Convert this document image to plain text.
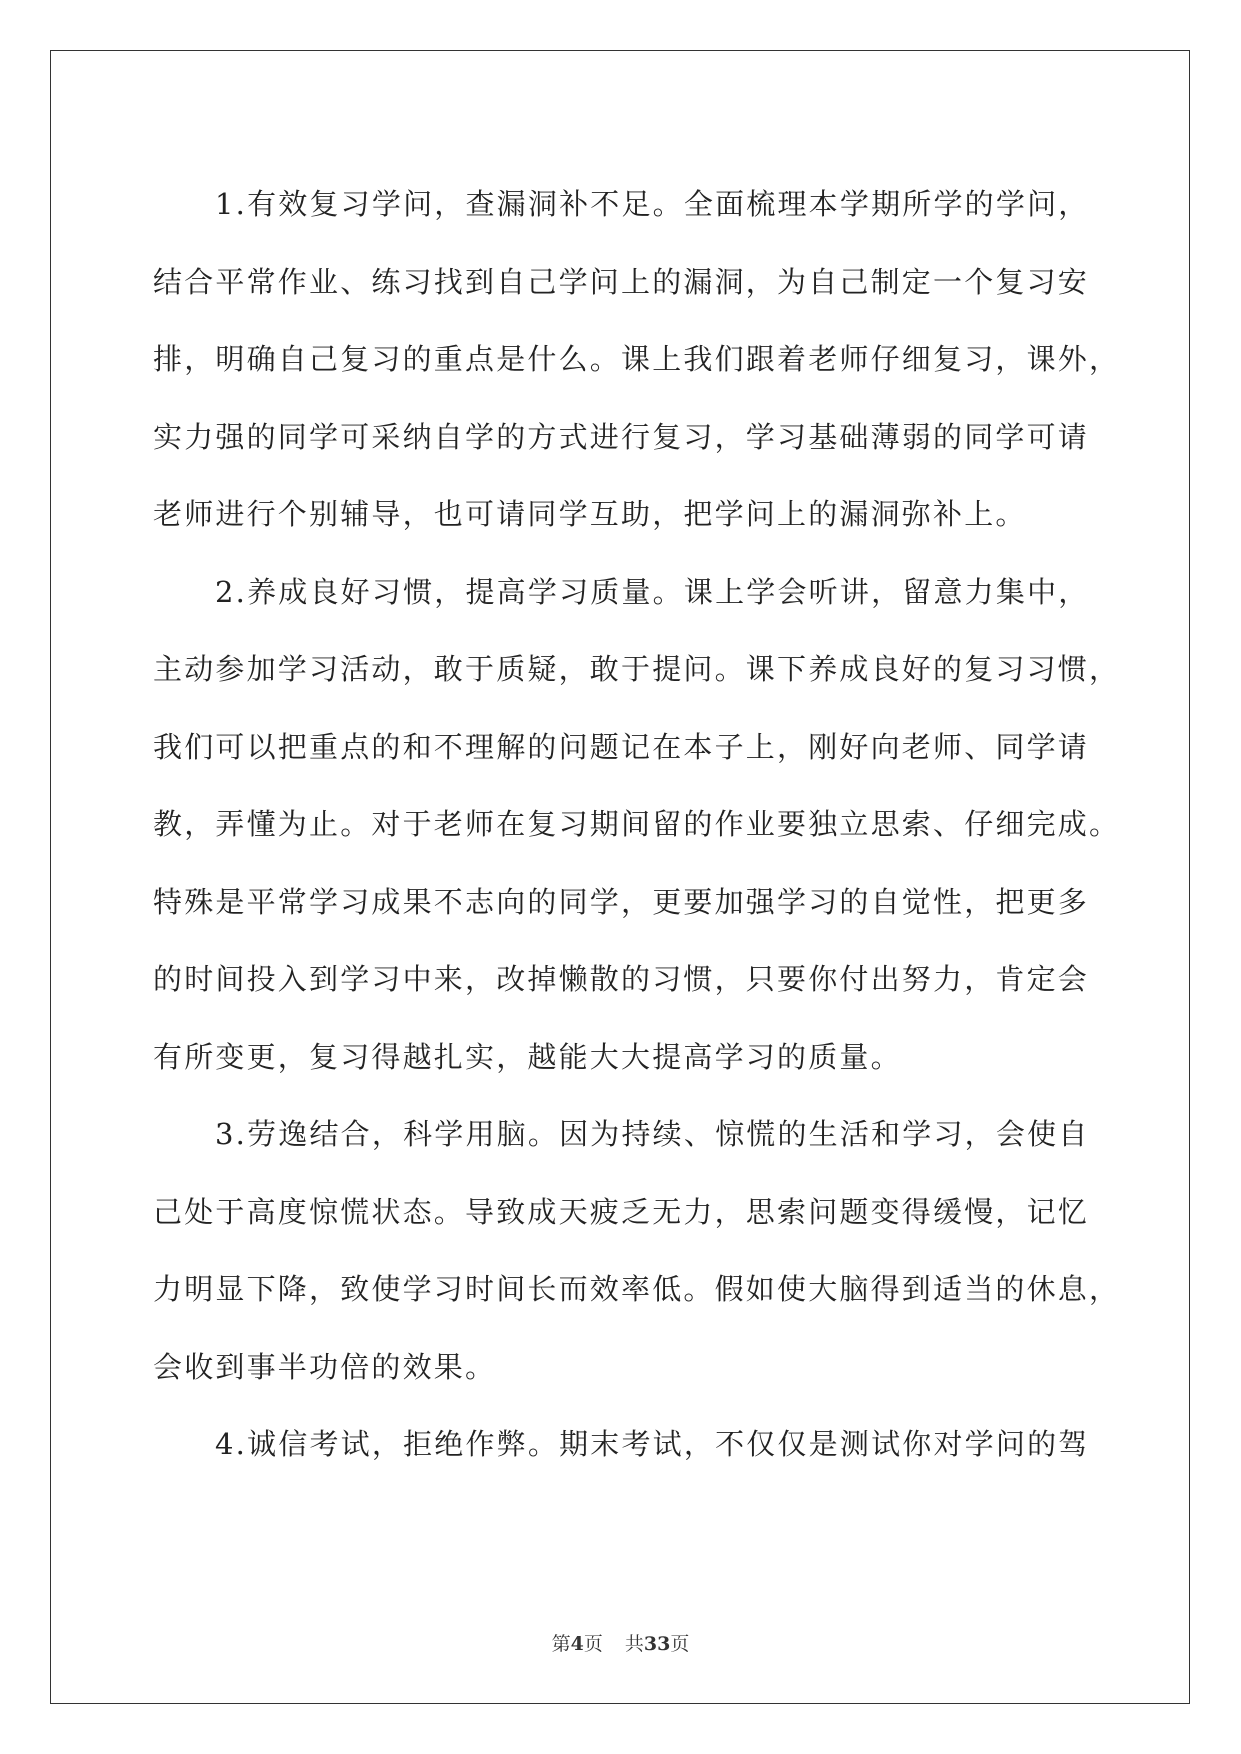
1.有效复习学问，查漏洞补不足。全面梳理本学期所学的学问，
结合平常作业、练习找到自己学问上的漏洞，为自己制定一个复习安
排，明确自己复习的重点是什么。课上我们跟着老师仔细复习，课外，
实力强的同学可采纳自学的方式进行复习，学习基础薄弱的同学可请
老师进行个别辅导，也可请同学互助，把学问上的漏洞弥补上。

2.养成良好习惯，提高学习质量。课上学会听讲，留意力集中，
主动参加学习活动，敢于质疑，敢于提问。课下养成良好的复习习惯，
我们可以把重点的和不理解的问题记在本子上，刚好向老师、同学请
教，弄懂为止。对于老师在复习期间留的作业要独立思索、仔细完成。
特殊是平常学习成果不志向的同学，更要加强学习的自觉性，把更多
的时间投入到学习中来，改掉懒散的习惯，只要你付出努力，肯定会
有所变更，复习得越扎实，越能大大提高学习的质量。

3.劳逸结合，科学用脑。因为持续、惊慌的生活和学习，会使自
己处于高度惊慌状态。导致成天疲乏无力，思索问题变得缓慢，记忆
力明显下降，致使学习时间长而效率低。假如使大脑得到适当的休息，
会收到事半功倍的效果。

4.诚信考试，拒绝作弊。期末考试，不仅仅是测试你对学问的驾

第4页 共33页
